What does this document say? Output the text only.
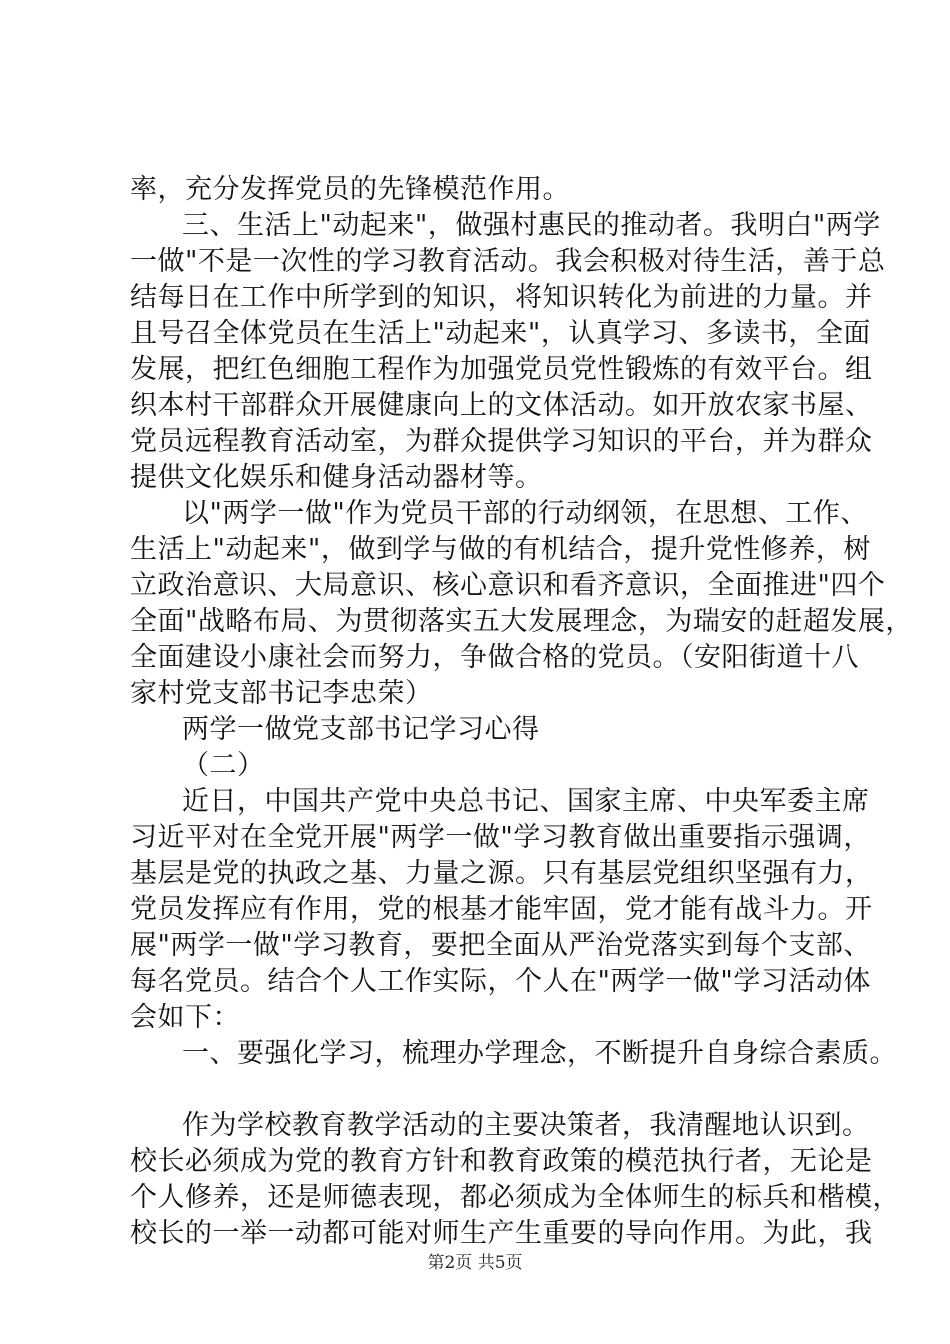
率，充分发挥党员的先锋模范作用。
三、生活上"动起来"，做强村惠民的推动者。我明白"两学
一做"不是一次性的学习教育活动。我会积极对待生活，善于总
结每日在工作中所学到的知识，将知识转化为前进的力量。并
且号召全体党员在生活上"动起来"，认真学习、多读书，全面
发展，把红色细胞工程作为加强党员党性锻炼的有效平台。组
织本村干部群众开展健康向上的文体活动。如开放农家书屋、
党员远程教育活动室，为群众提供学习知识的平台，并为群众
提供文化娱乐和健身活动器材等。
以"两学一做"作为党员干部的行动纲领，在思想、工作、
生活上"动起来"，做到学与做的有机结合，提升党性修养，树
立政治意识、大局意识、核心意识和看齐意识，全面推进"四个
全面"战略布局、为贯彻落实五大发展理念，为瑞安的赶超发展，
全面建设小康社会而努力，争做合格的党员。（安阳街道十八
家村党支部书记李忠荣）
两学一做党支部书记学习心得
（二）
近日，中国共产党中央总书记、国家主席、中央军委主席
习近平对在全党开展"两学一做"学习教育做出重要指示强调，
基层是党的执政之基、力量之源。只有基层党组织坚强有力，
党员发挥应有作用，党的根基才能牢固，党才能有战斗力。开
展"两学一做"学习教育，要把全面从严治党落实到每个支部、
每名党员。结合个人工作实际，个人在"两学一做"学习活动体
会如下：
一、要强化学习，梳理办学理念，不断提升自身综合素质。
作为学校教育教学活动的主要决策者，我清醒地认识到。
校长必须成为党的教育方针和教育政策的模范执行者，无论是
个人修养，还是师德表现，都必须成为全体师生的标兵和楷模，
校长的一举一动都可能对师生产生重要的导向作用。为此，我
第2页 共5页
